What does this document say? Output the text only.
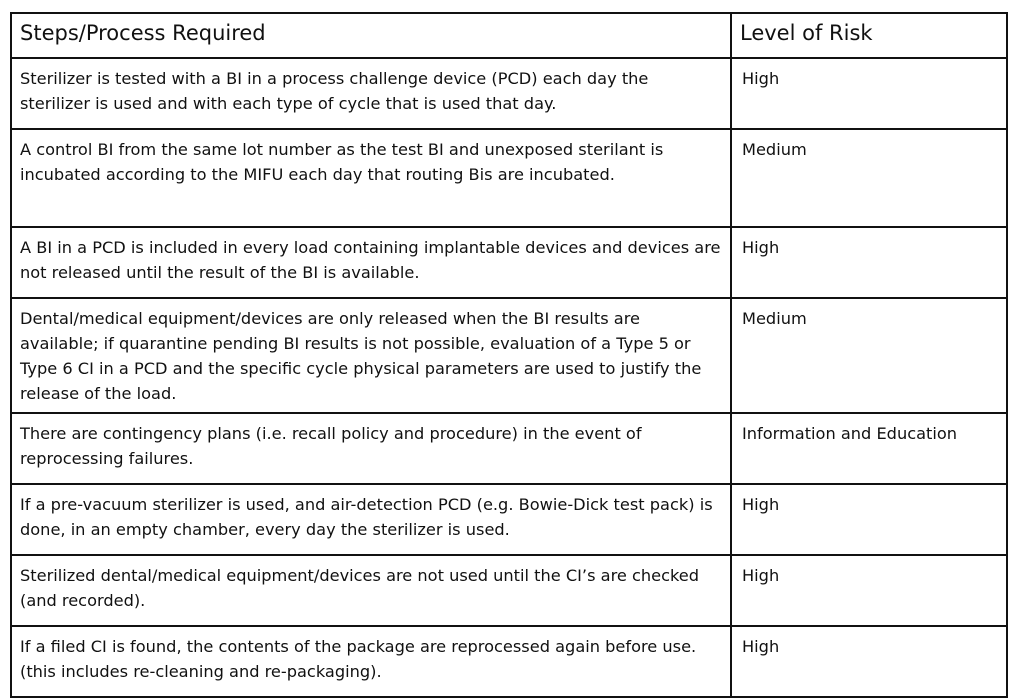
Steps/Process Required	Level of Risk
Sterilizer is tested with a BI in a process challenge device (PCD) each day the sterilizer is used and with each type of cycle that is used that day.	High
A control BI from the same lot number as the test BI and unexposed sterilant is incubated according to the MIFU each day that routing Bis are incubated.	Medium
A BI in a PCD is included in every load containing implantable devices and devices are not released until the result of the BI is available.	High
Dental/medical equipment/devices are only released when the BI results are available; if quarantine pending BI results is not possible, evaluation of a Type 5 or Type 6 CI in a PCD and the specific cycle physical parameters are used to justify the release of the load.	Medium
There are contingency plans (i.e. recall policy and procedure) in the event of reprocessing failures.	Information and Education
If a pre-vacuum sterilizer is used, and air-detection PCD (e.g. Bowie-Dick test pack) is done, in an empty chamber, every day the sterilizer is used.	High
Sterilized dental/medical equipment/devices are not used until the CI’s are checked (and recorded).	High
If a filed CI is found, the contents of the package are reprocessed again before use. (this includes re-cleaning and re-packaging).	High
